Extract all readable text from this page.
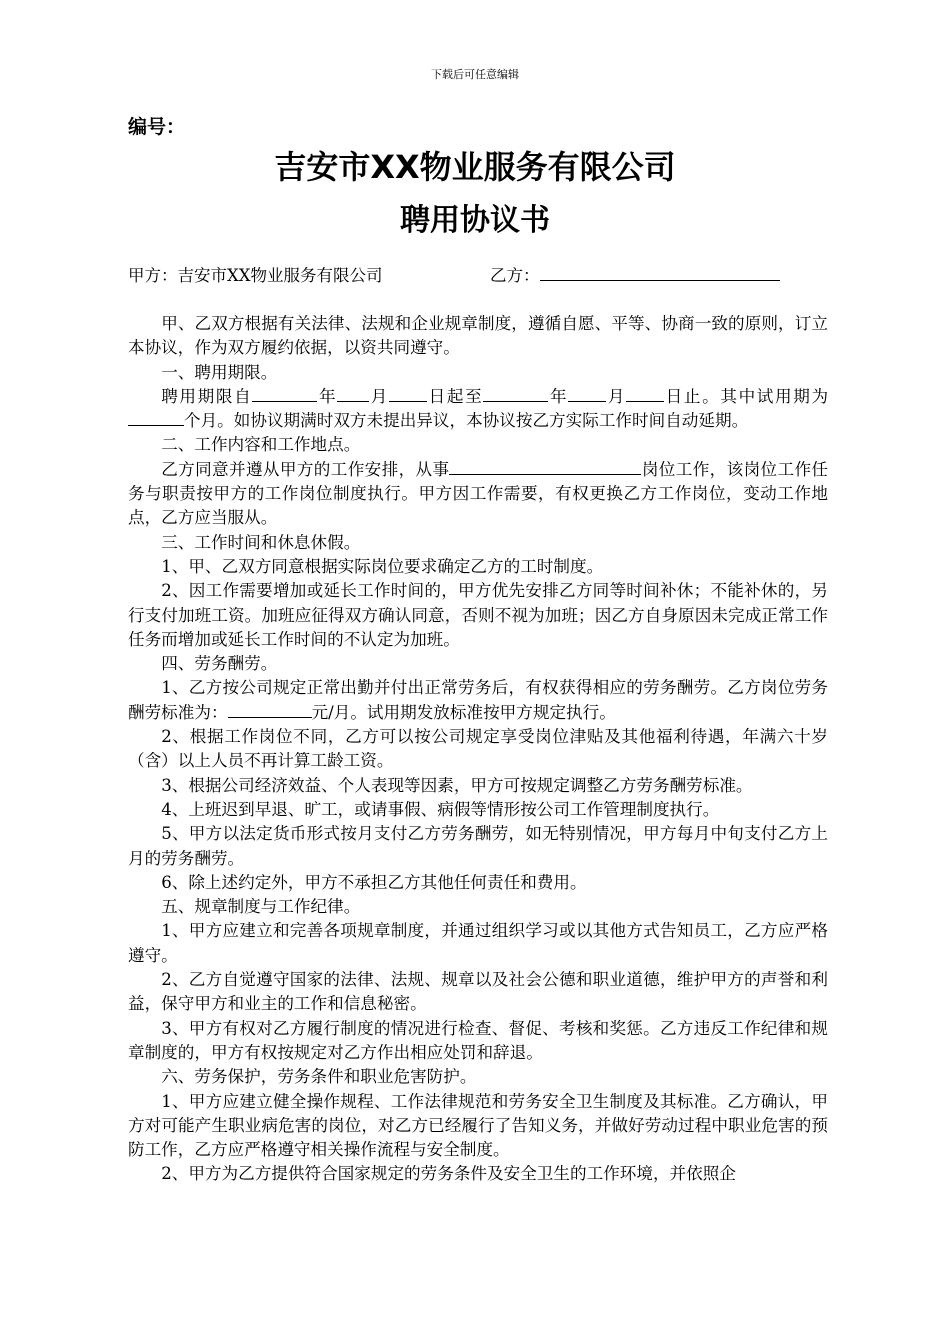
下载后可任意编辑
编号：
吉安市XX物业服务有限公司
聘用协议书
甲方：吉安市XX物业服务有限公司	乙方：

甲、乙双方根据有关法律、法规和企业规章制度，遵循自愿、平等、协商一致的原则，订立本协议，作为双方履约依据，以资共同遵守。

一、聘用期限。

聘用期限自	年 月 日起至	年 月 日止。其中试用期为个月。如协议期满时双方未提出异议，本协议按乙方实际工作时间自动延期。

二、工作内容和工作地点。

乙方同意并遵从甲方的工作安排，从事	岗位工作，该岗位工作任务与职责按甲方的工作岗位制度执行。甲方因工作需要，有权更换乙方工作岗位，变动工作地点，乙方应当服从。

三、工作时间和休息休假。

1、甲、乙双方同意根据实际岗位要求确定乙方的工时制度。

2、因工作需要增加或延长工作时间的，甲方优先安排乙方同等时间补休；不能补休的，另行支付加班工资。加班应征得双方确认同意，否则不视为加班；因乙方自身原因未完成正常工作任务而增加或延长工作时间的不认定为加班。

四、劳务酬劳。

1、乙方按公司规定正常出勤并付出正常劳务后，有权获得相应的劳务酬劳。乙方岗位劳务酬劳标准为：	元/月。试用期发放标准按甲方规定执行。

2、根据工作岗位不同，乙方可以按公司规定享受岗位津贴及其他福利待遇，年满六十岁（含）以上人员不再计算工龄工资。

3、根据公司经济效益、个人表现等因素，甲方可按规定调整乙方劳务酬劳标准。

4、上班迟到早退、旷工，或请事假、病假等情形按公司工作管理制度执行。

5、甲方以法定货币形式按月支付乙方劳务酬劳，如无特别情况，甲方每月中旬支付乙方上月的劳务酬劳。

6、除上述约定外，甲方不承担乙方其他任何责任和费用。

五、规章制度与工作纪律。

1、甲方应建立和完善各项规章制度，并通过组织学习或以其他方式告知员工，乙方应严格遵守。

2、乙方自觉遵守国家的法律、法规、规章以及社会公德和职业道德，维护甲方的声誉和利益，保守甲方和业主的工作和信息秘密。

3、甲方有权对乙方履行制度的情况进行检查、督促、考核和奖惩。乙方违反工作纪律和规章制度的，甲方有权按规定对乙方作出相应处罚和辞退。

六、劳务保护，劳务条件和职业危害防护。

1、甲方应建立健全操作规程、工作法律规范和劳务安全卫生制度及其标准。乙方确认，甲方对可能产生职业病危害的岗位，对乙方已经履行了告知义务，并做好劳动过程中职业危害的预防工作，乙方应严格遵守相关操作流程与安全制度。

2、甲方为乙方提供符合国家规定的劳务条件及安全卫生的工作环境，并依照企
